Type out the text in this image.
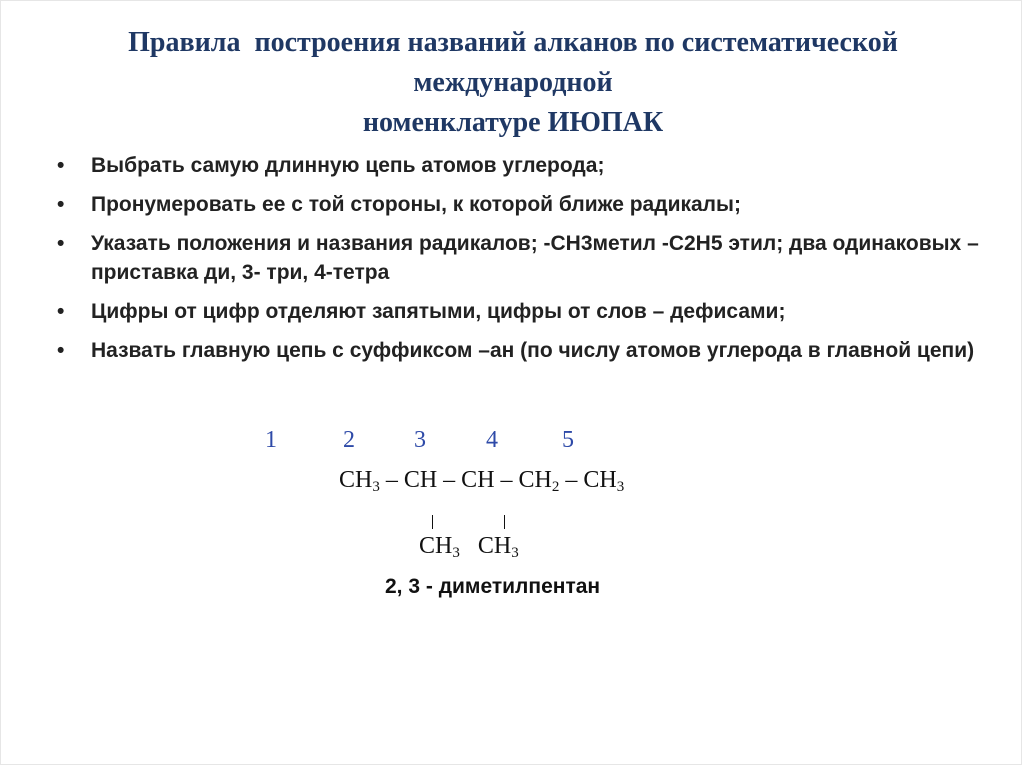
Правила  построения названий алканов по систематической
международной
номенклатуре ИЮПАК
•	Выбрать самую длинную цепь атомов углерода;
•	Пронумеровать ее с той стороны, к которой ближе радикалы;
•	Указать положения и названия радикалов; -CH3метил -C2H5 этил; два одинаковых – приставка ди, 3- три, 4-тетра
•	Цифры от цифр отделяют запятыми, цифры от слов – дефисами;
•	Назвать главную цепь с суффиксом –ан (по числу атомов углерода в главной цепи)
1	2 3	4	5
$CH_3$ – CH – CH – $CH_2 - CH_3$
$CH_3$ $CH_3$
2, 3 - диметилпентан
